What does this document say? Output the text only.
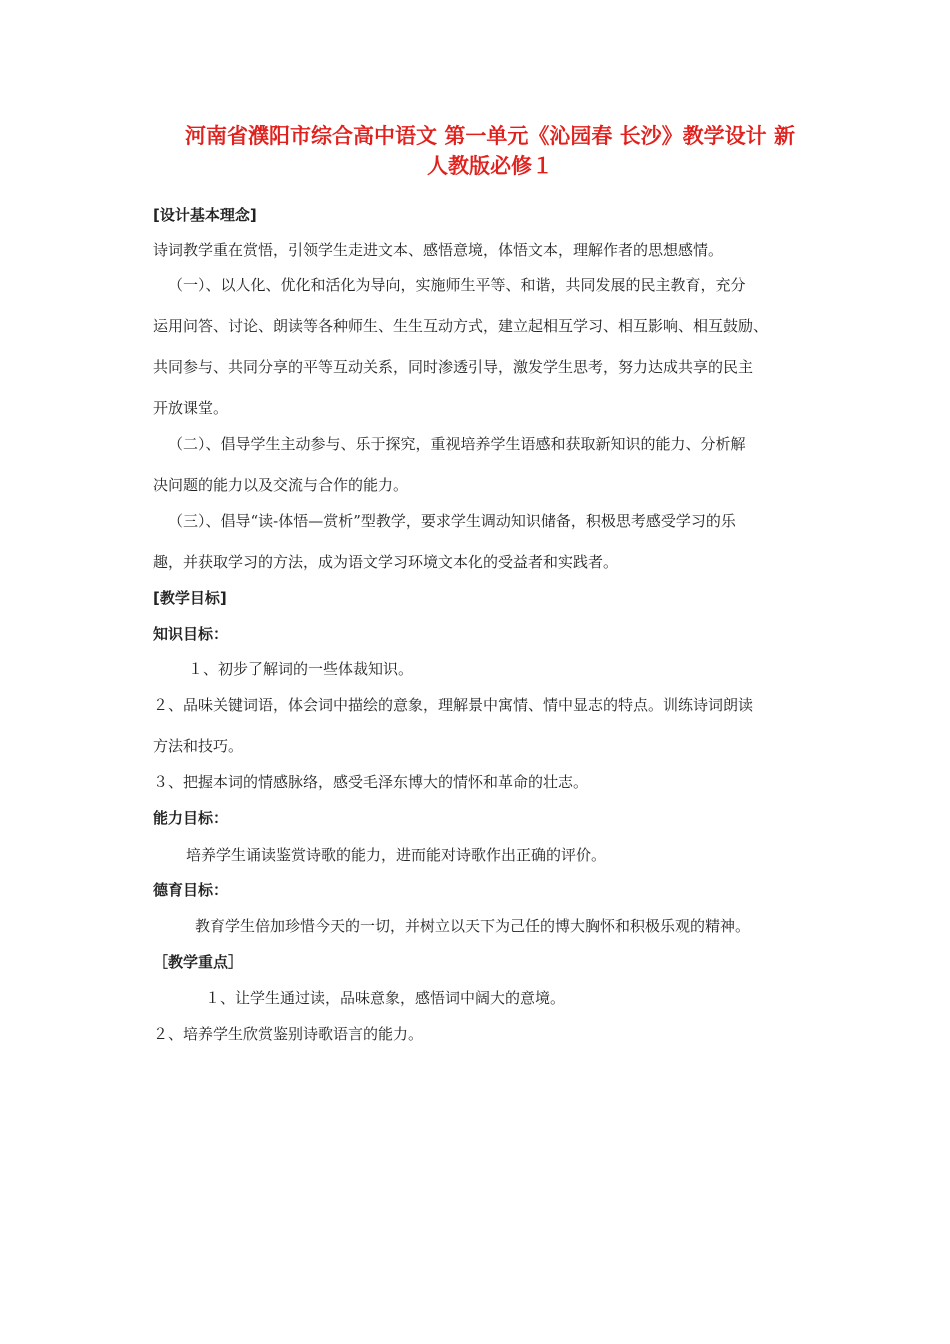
河南省濮阳市综合高中语文 第一单元《沁园春 长沙》教学设计 新
人教版必修１
[设计基本理念]
诗词教学重在赏悟，引领学生走进文本、感悟意境，体悟文本，理解作者的思想感情。
（一）、以人化、优化和活化为导向，实施师生平等、和谐，共同发展的民主教育，充分
运用问答、讨论、朗读等各种师生、生生互动方式，建立起相互学习、相互影响、相互鼓励、
共同参与、共同分享的平等互动关系，同时渗透引导，激发学生思考，努力达成共享的民主
开放课堂。
（二）、倡导学生主动参与、乐于探究，重视培养学生语感和获取新知识的能力、分析解
决问题的能力以及交流与合作的能力。
（三）、倡导“读-体悟—赏析”型教学，要求学生调动知识储备，积极思考感受学习的乐
趣，并获取学习的方法，成为语文学习环境文本化的受益者和实践者。
[教学目标]
知识目标：
１、初步了解词的一些体裁知识。
２、品味关键词语，体会词中描绘的意象，理解景中寓情、情中显志的特点。训练诗词朗读
方法和技巧。
３、把握本词的情感脉络，感受毛泽东博大的情怀和革命的壮志。
能力目标：
培养学生诵读鉴赏诗歌的能力，进而能对诗歌作出正确的评价。
德育目标：
教育学生倍加珍惜今天的一切，并树立以天下为己任的博大胸怀和积极乐观的精神。
［教学重点］
１、让学生通过读，品味意象，感悟词中阔大的意境。
２、培养学生欣赏鉴别诗歌语言的能力。
